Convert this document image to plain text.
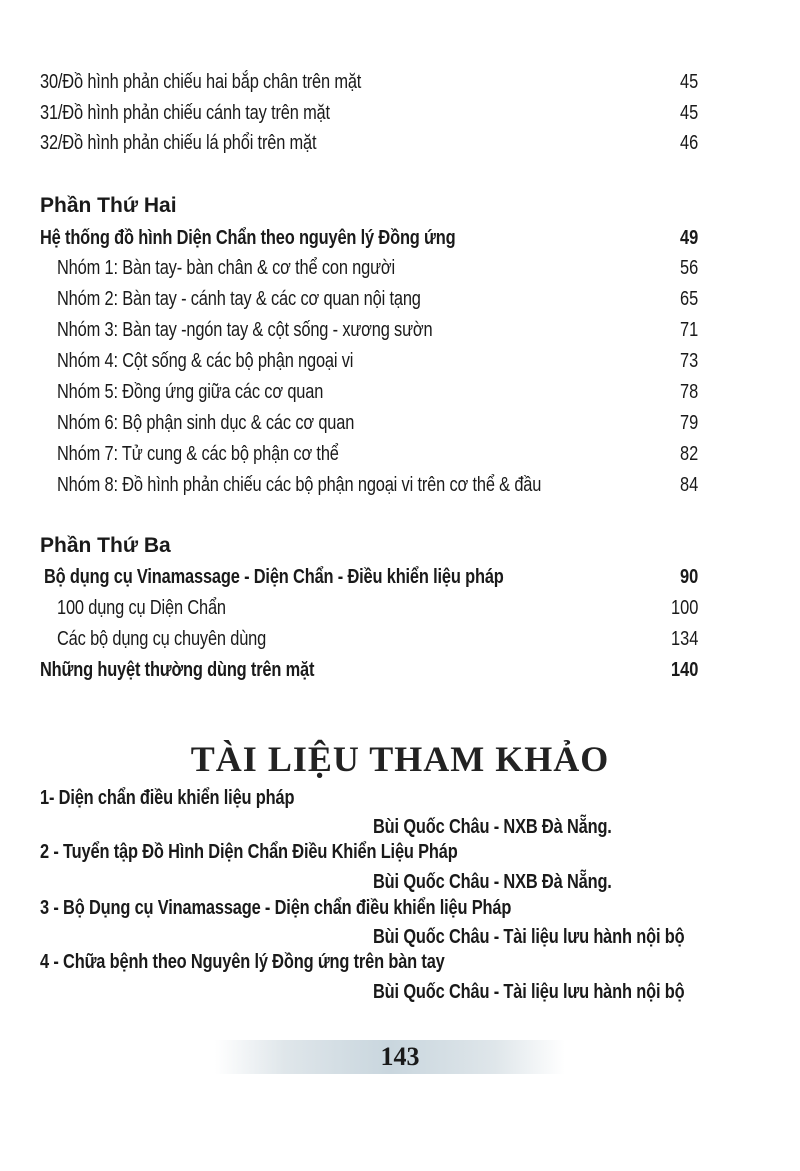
30/Đồ hình phản chiếu hai bắp chân trên mặt	45
31/Đồ hình phản chiếu cánh tay trên mặt	45
32/Đồ hình phản chiếu lá phổi trên mặt	46
Phần Thứ Hai
Hệ thống đồ hình Diện Chẩn theo nguyên lý Đồng ứng	49
Nhóm 1: Bàn tay- bàn chân & cơ thể con người	56
Nhóm 2: Bàn tay - cánh tay & các cơ quan nội tạng	65
Nhóm 3: Bàn tay -ngón tay & cột sống - xương sườn	71
Nhóm 4: Cột sống & các bộ phận ngoại vi	73
Nhóm 5: Đồng ứng giữa các cơ quan	78
Nhóm 6: Bộ phận sinh dục & các cơ quan	79
Nhóm 7: Tử cung & các bộ phận cơ thể	82
Nhóm 8: Đồ hình phản chiếu các bộ phận ngoại vi trên cơ thể & đầu	84
Phần Thứ Ba
Bộ dụng cụ Vinamassage - Diện Chẩn - Điều khiển liệu pháp	90
100 dụng cụ Diện Chẩn	100
Các bộ dụng cụ chuyên dùng	134
Những huyệt thường dùng trên mặt	140
TÀI LIỆU THAM KHẢO
1- Diện chẩn điều khiển liệu pháp
Bùi Quốc Châu - NXB Đà Nẵng.
2 - Tuyển tập Đồ Hình Diện Chẩn Điều Khiển Liệu Pháp
Bùi Quốc Châu - NXB Đà Nẵng.
3 - Bộ Dụng cụ Vinamassage - Diện chẩn điều khiển liệu Pháp
Bùi Quốc Châu - Tài liệu lưu hành nội bộ
4 - Chữa bệnh theo Nguyên lý Đồng ứng trên bàn tay
Bùi Quốc Châu - Tài liệu lưu hành nội bộ
143
